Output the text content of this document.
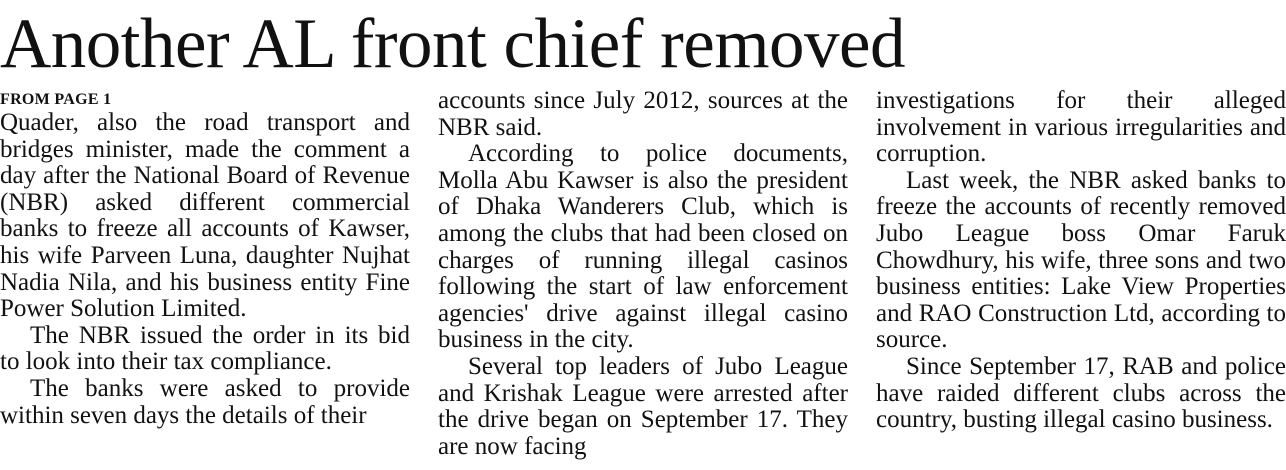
Another AL front chief removed
FROM PAGE 1

Quader, also the road transport and bridges minister, made the comment a day after the National Board of Revenue (NBR) asked different commercial banks to freeze all accounts of Kawser, his wife Parveen Luna, daughter Nujhat Nadia Nila, and his business entity Fine Power Solution Limited.

The NBR issued the order in its bid to look into their tax compliance.

The banks were asked to provide within seven days the details of their

accounts since July 2012, sources at the NBR said.

According to police documents, Molla Abu Kawser is also the president of Dhaka Wanderers Club, which is among the clubs that had been closed on charges of running illegal casinos following the start of law enforcement agencies' drive against illegal casino business in the city.

Several top leaders of Jubo League and Krishak League were arrested after the drive began on September 17. They are now facing

investigations for their alleged involvement in various irregularities and corruption.

Last week, the NBR asked banks to freeze the accounts of recently removed Jubo League boss Omar Faruk Chowdhury, his wife, three sons and two business entities: Lake View Properties and RAO Construction Ltd, according to source.

Since September 17, RAB and police have raided different clubs across the country, busting illegal casino business.
